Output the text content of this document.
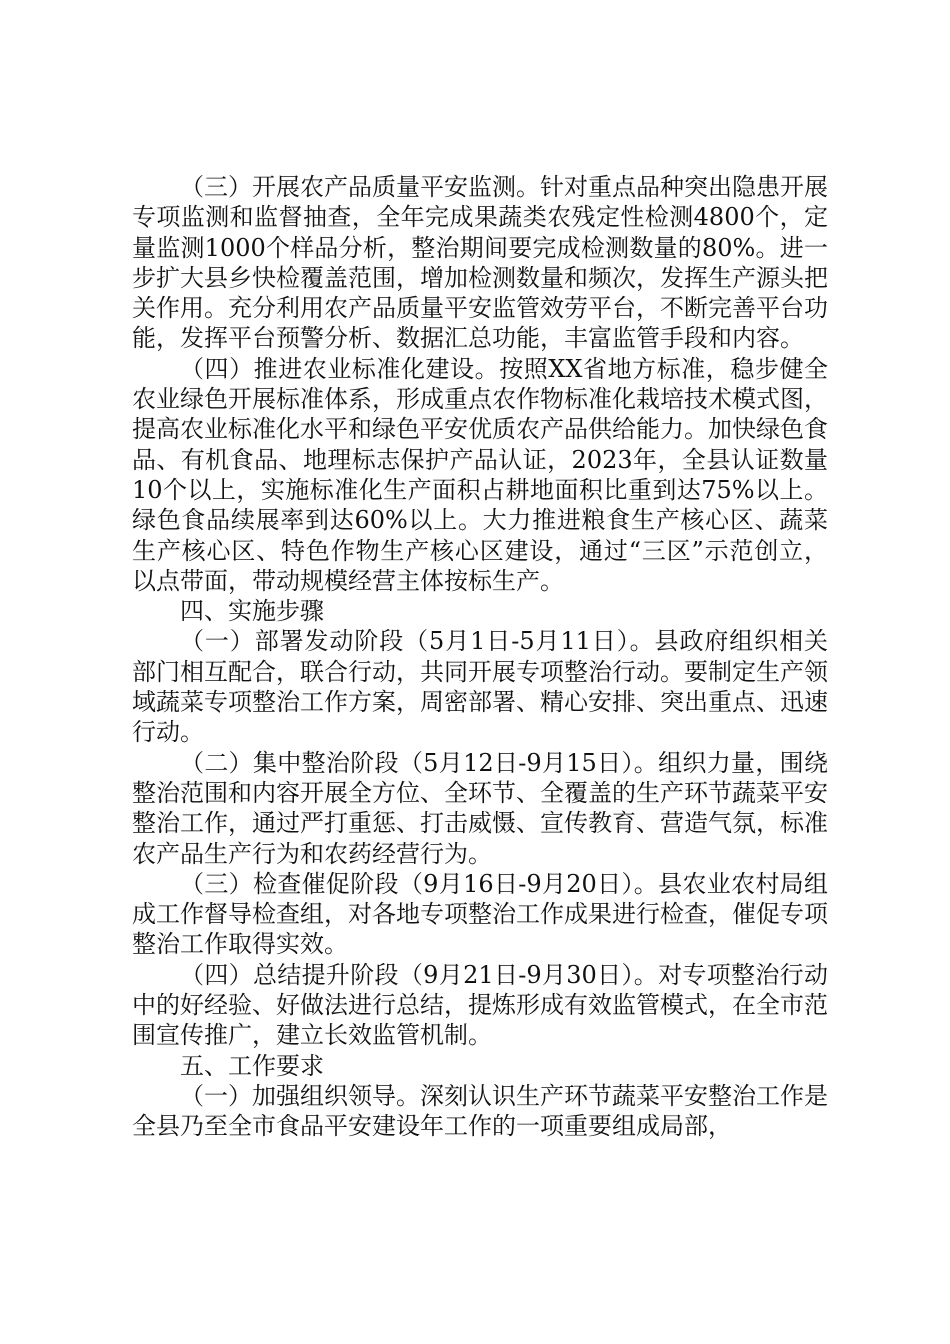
（三）开展农产品质量平安监测。针对重点品种突出隐患开展专项监测和监督抽查，全年完成果蔬类农残定性检测4800个，定量监测1000个样品分析，整治期间要完成检测数量的80%。进一步扩大县乡快检覆盖范围，增加检测数量和频次，发挥生产源头把关作用。充分利用农产品质量平安监管效劳平台，不断完善平台功能，发挥平台预警分析、数据汇总功能，丰富监管手段和内容。

（四）推进农业标准化建设。按照XX省地方标准，稳步健全农业绿色开展标准体系，形成重点农作物标准化栽培技术模式图，提高农业标准化水平和绿色平安优质农产品供给能力。加快绿色食品、有机食品、地理标志保护产品认证，2023年，全县认证数量10个以上，实施标准化生产面积占耕地面积比重到达75%以上。绿色食品续展率到达60%以上。大力推进粮食生产核心区、蔬菜生产核心区、特色作物生产核心区建设，通过“三区”示范创立，以点带面，带动规模经营主体按标生产。

四、实施步骤

（一）部署发动阶段（5月1日-5月11日）。县政府组织相关部门相互配合，联合行动，共同开展专项整治行动。要制定生产领域蔬菜专项整治工作方案，周密部署、精心安排、突出重点、迅速行动。

（二）集中整治阶段（5月12日-9月15日）。组织力量，围绕整治范围和内容开展全方位、全环节、全覆盖的生产环节蔬菜平安整治工作，通过严打重惩、打击威慑、宣传教育、营造气氛，标准农产品生产行为和农药经营行为。

（三）检查催促阶段（9月16日-9月20日）。县农业农村局组成工作督导检查组，对各地专项整治工作成果进行检查，催促专项整治工作取得实效。

（四）总结提升阶段（9月21日-9月30日）。对专项整治行动中的好经验、好做法进行总结，提炼形成有效监管模式，在全市范围宣传推广，建立长效监管机制。

五、工作要求

（一）加强组织领导。深刻认识生产环节蔬菜平安整治工作是全县乃至全市食品平安建设年工作的一项重要组成局部，
